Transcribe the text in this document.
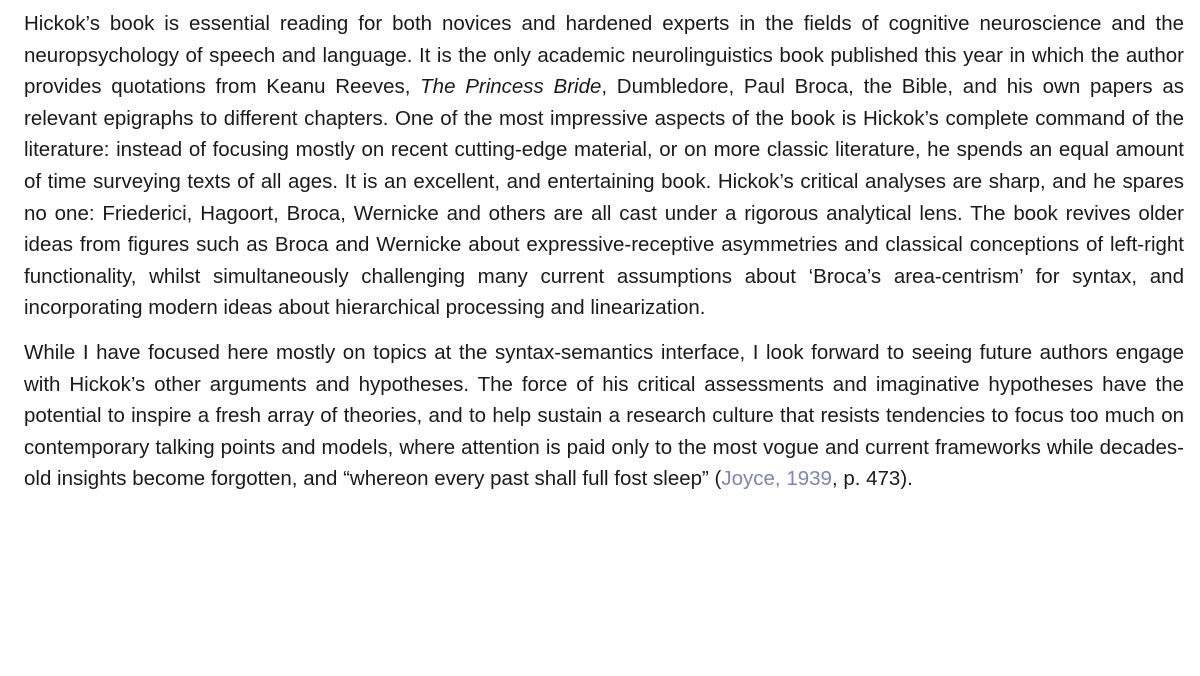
Hickok’s book is essential reading for both novices and hardened experts in the fields of cognitive neuroscience and the neuropsychology of speech and language. It is the only academic neurolinguistics book published this year in which the author provides quotations from Keanu Reeves, The Princess Bride, Dumbledore, Paul Broca, the Bible, and his own papers as relevant epigraphs to different chapters. One of the most impressive aspects of the book is Hickok’s complete command of the literature: instead of focusing mostly on recent cutting-edge material, or on more classic literature, he spends an equal amount of time surveying texts of all ages. It is an excellent, and entertaining book. Hickok’s critical analyses are sharp, and he spares no one: Friederici, Hagoort, Broca, Wernicke and others are all cast under a rigorous analytical lens. The book revives older ideas from figures such as Broca and Wernicke about expressive-receptive asymmetries and classical conceptions of left-right functionality, whilst simultaneously challenging many current assumptions about ‘Broca’s area-centrism’ for syntax, and incorporating modern ideas about hierarchical processing and linearization.

While I have focused here mostly on topics at the syntax-semantics interface, I look forward to seeing future authors engage with Hickok’s other arguments and hypotheses. The force of his critical assessments and imaginative hypotheses have the potential to inspire a fresh array of theories, and to help sustain a research culture that resists tendencies to focus too much on contemporary talking points and models, where attention is paid only to the most vogue and current frameworks while decades-old insights become forgotten, and “whereon every past shall full fost sleep” (Joyce, 1939, p. 473).
